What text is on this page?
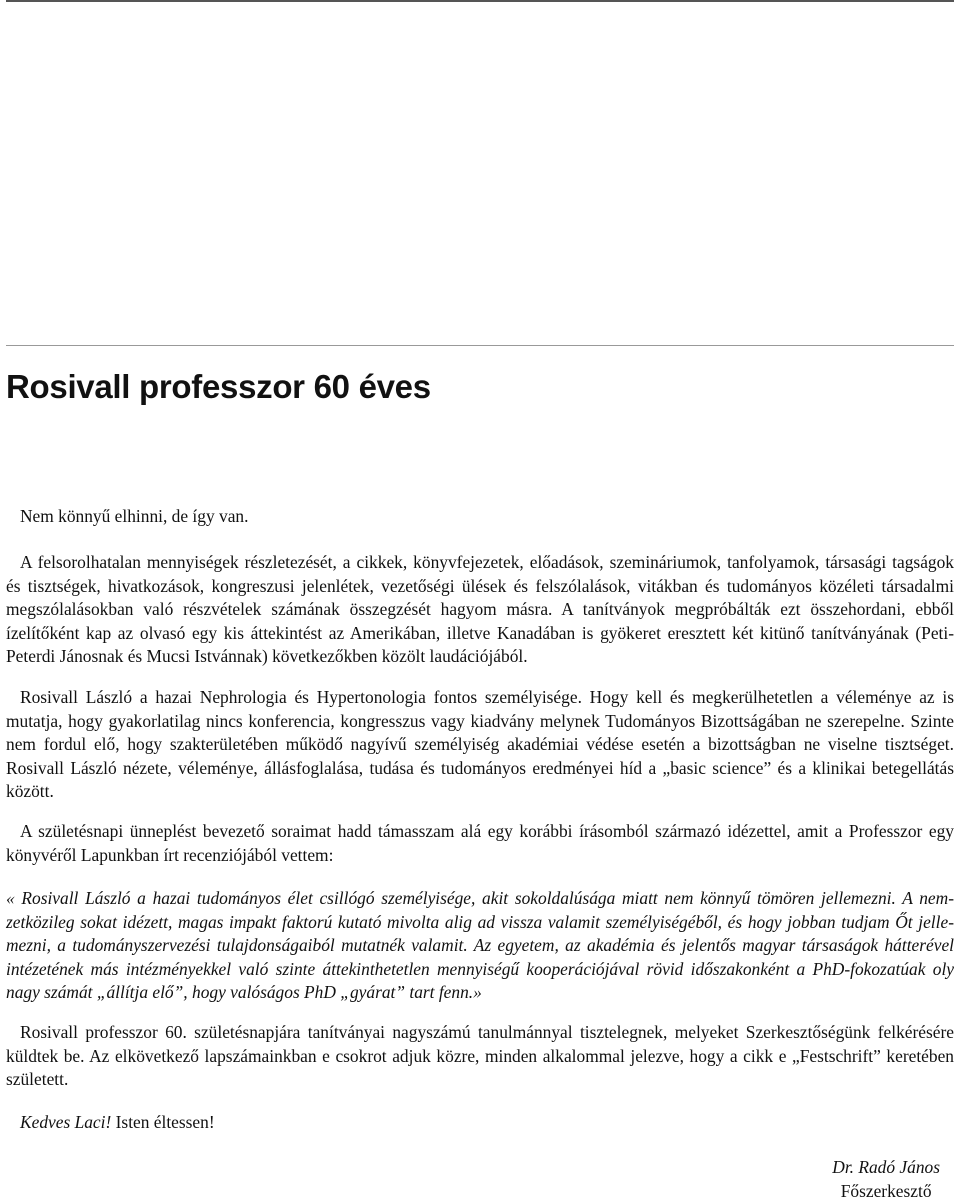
Rosivall professzor 60 éves

Nem könnyű elhinni, de így van.

A felsorolhatalan mennyiségek részletezését, a cikkek, könyvfejezetek, előadások, szemináriumok, tanfolyamok, társasági tagságok és tisztségek, hivatkozások, kongreszusi jelenlétek, vezetőségi ülések és felszólalások, vitákban és tudományos közéleti társadalmi megszólalásokban való részvételek számának összegzését hagyom másra. A tanítványok megpróbálták ezt összehordani, ebből ízelítőként kap az olvasó egy kis áttekintést az Amerikában, illetve Kanadában is gyökeret eresztett két kitünő tanítványának (Peti-Peterdi Jánosnak és Mucsi Istvánnak) következőkben közölt laudációjából.

Rosivall László a hazai Nephrologia és Hypertonologia fontos személyisége. Hogy kell és megkerülhetetlen a véleménye az is mutatja, hogy gyakorlatilag nincs konferencia, kongresszus vagy kiadvány melynek Tudományos Bizottságában ne szerepelne. Szinte nem fordul elő, hogy szakterületében működő nagyívű személyiség akadémiai védése esetén a bizottságban ne viselne tisztséget. Rosivall László nézete, véleménye, állásfoglalása, tudása és tudományos eredményei híd a „basic science” és a klinikai betegellátás között.

A születésnapi ünneplést bevezető soraimat hadd támasszam alá egy korábbi írásomból származó idézettel, amit a Professzor egy könyvéről Lapunkban írt recenziójából vettem:

« Rosivall László a hazai tudományos élet csillógó személyisége, akit sokoldalúsága miatt nem könnyű tömören jellemezni. A nemzetközileg sokat idézett, magas impakt faktorú kutató mivolta alig ad vissza valamit személyiségéből, és hogy jobban tudjam Őt jellemezni, a tudományszervezési tulajdonságaiból mutatnék valamit. Az egyetem, az akadémia és jelentős magyar társaságok hátterével intézetének más intézményekkel való szinte áttekinthetetlen mennyiségű kooperációjával rövid időszakonként a PhD-fokozatúak oly nagy számát „állítja elő”, hogy valóságos PhD „gyárat” tart fenn.»

Rosivall professzor 60. születésnapjára tanítványai nagyszámú tanulmánnyal tisztelegnek, melyeket Szerkesztőségünk felkérésére küldtek be. Az elkövetkező lapszámainkban e csokrot adjuk közre, minden alkalommal jelezve, hogy a cikk e „Festschrift” keretében született.

Kedves Laci! Isten éltessen!

Dr. Radó János
Főszerkesztő
